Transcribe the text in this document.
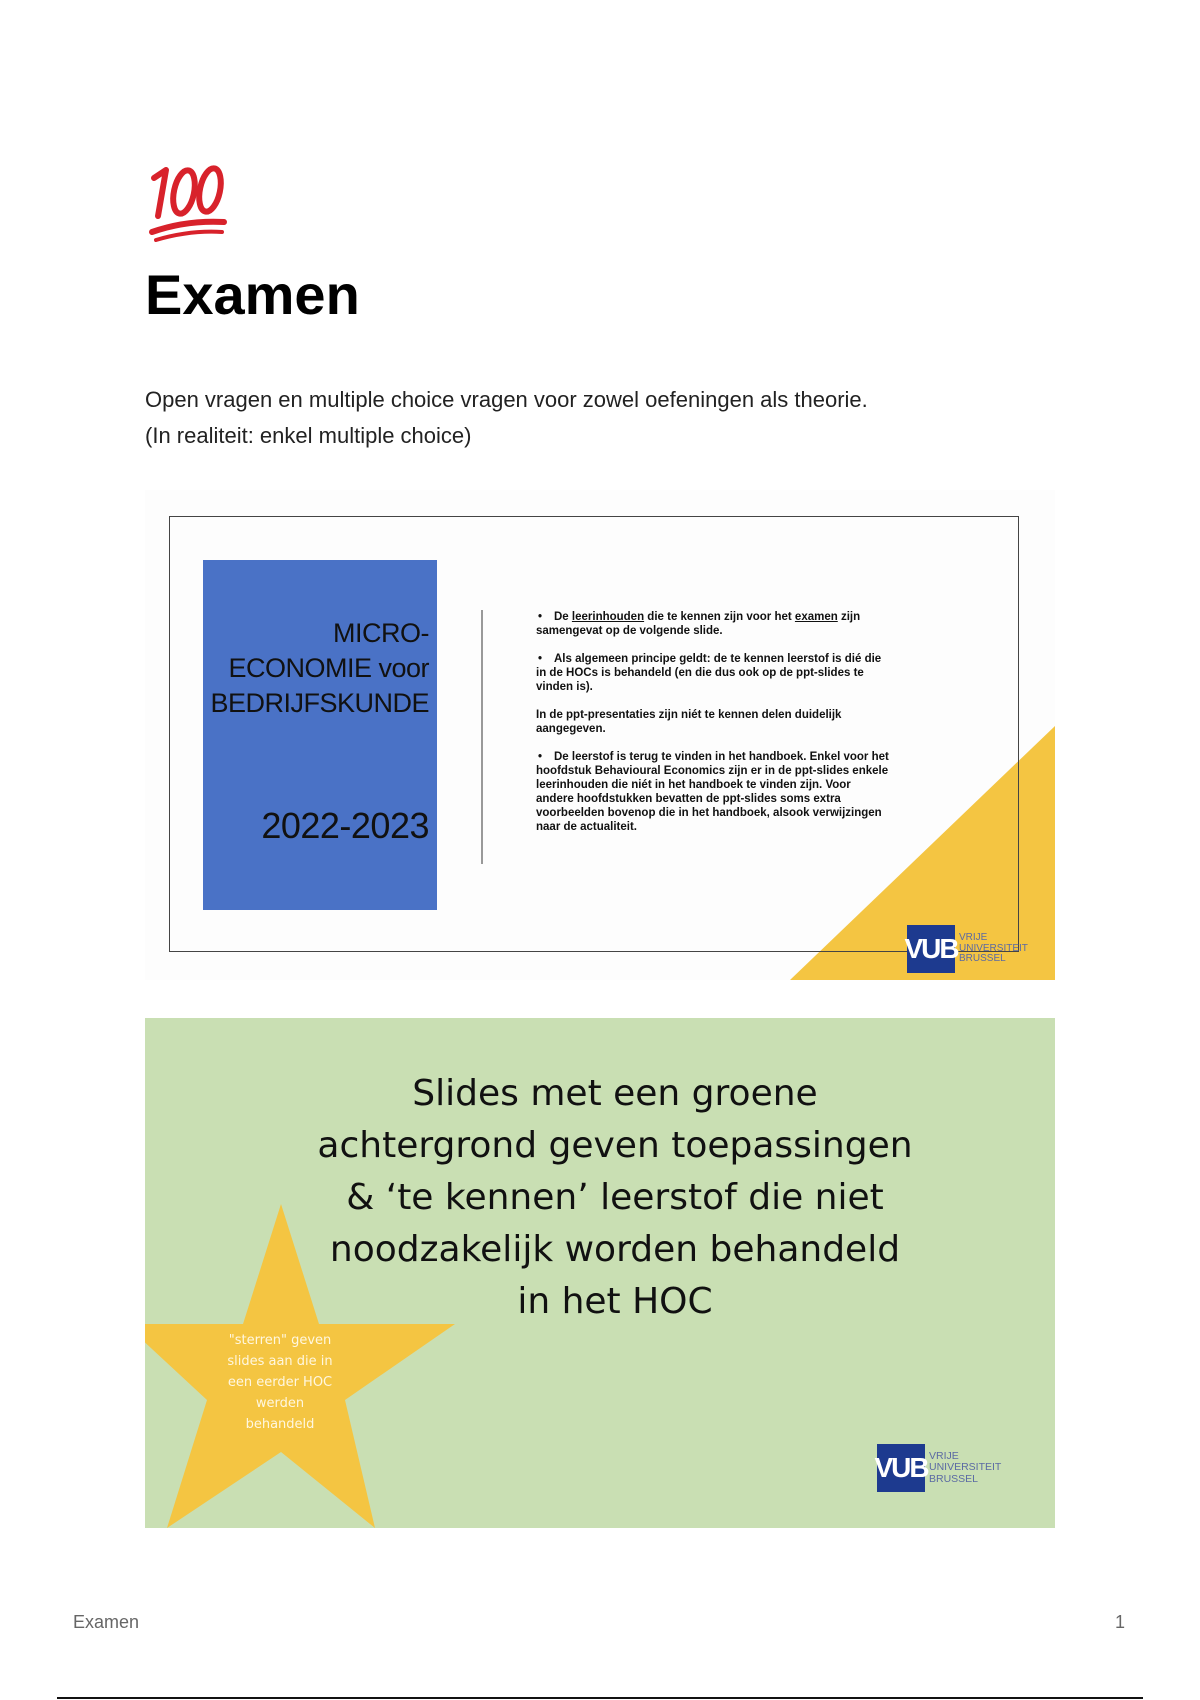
Examen

Open vragen en multiple choice vragen voor zowel oefeningen als theorie.

(In realiteit: enkel multiple choice)

MICRO-
ECONOMIE voor
BEDRIJFSKUNDE
2022-2023

• De leerinhouden die te kennen zijn voor het examen zijn samengevat op de volgende slide.

• Als algemeen principe geldt: de te kennen leerstof is dié die in de HOCs is behandeld (en die dus ook op de ppt-slides te vinden is).

In de ppt-presentaties zijn niét te kennen delen duidelijk aangegeven.

• De leerstof is terug te vinden in het handboek. Enkel voor het hoofdstuk Behavioural Economics zijn er in de ppt-slides enkele leerinhouden die niét in het handboek te vinden zijn. Voor andere hoofdstukken bevatten de ppt-slides soms extra voorbeelden bovenop die in het handboek, alsook verwijzingen naar de actualiteit.

VUB VRIJE
UNIVERSITEIT
BRUSSEL
Slides met een groene
achtergrond geven toepassingen
& ‘te kennen’ leerstof die niet
noodzakelijk worden behandeld
in het HOC
"sterren" geven
slides aan die in
een eerder HOC
werden
behandeld
VUB VRIJE
UNIVERSITEIT
BRUSSEL
Examen	1
